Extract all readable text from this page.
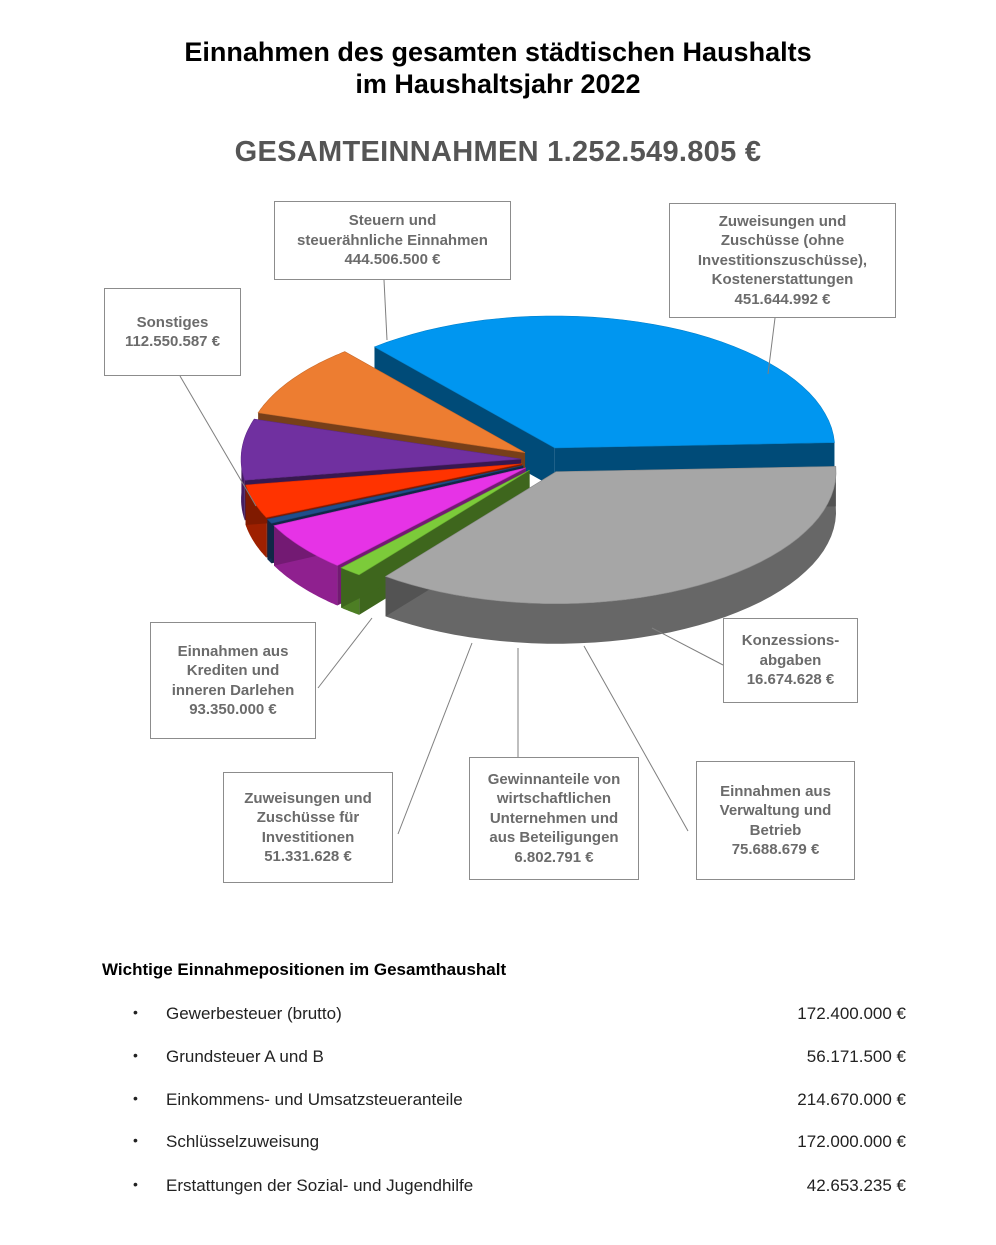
Einnahmen des gesamten städtischen Haushalts
im Haushaltsjahr 2022
GESAMTEINNAHMEN 1.252.549.805 €
Steuern und
steuerähnliche Einnahmen
444.506.500 €
Zuweisungen und
Zuschüsse (ohne
Investitionszuschüsse),
Kostenerstattungen
451.644.992 €
Konzessions-
abgaben
16.674.628 €
Einnahmen aus
Verwaltung und
Betrieb
75.688.679 €
Gewinnanteile von
wirtschaftlichen
Unternehmen und
aus Beteiligungen
6.802.791 €
Zuweisungen und
Zuschüsse für
Investitionen
51.331.628 €
Einnahmen aus
Krediten und
inneren Darlehen
93.350.000 €
Sonstiges
112.550.587 €
Wichtige Einnahmepositionen im Gesamthaushalt
• Gewerbesteuer (brutto)	172.400.000 €
• Grundsteuer A und B	56.171.500 €
• Einkommens- und Umsatzsteueranteile	214.670.000 €
• Schlüsselzuweisung	172.000.000 €
• Erstattungen der Sozial- und Jugendhilfe	42.653.235 €
